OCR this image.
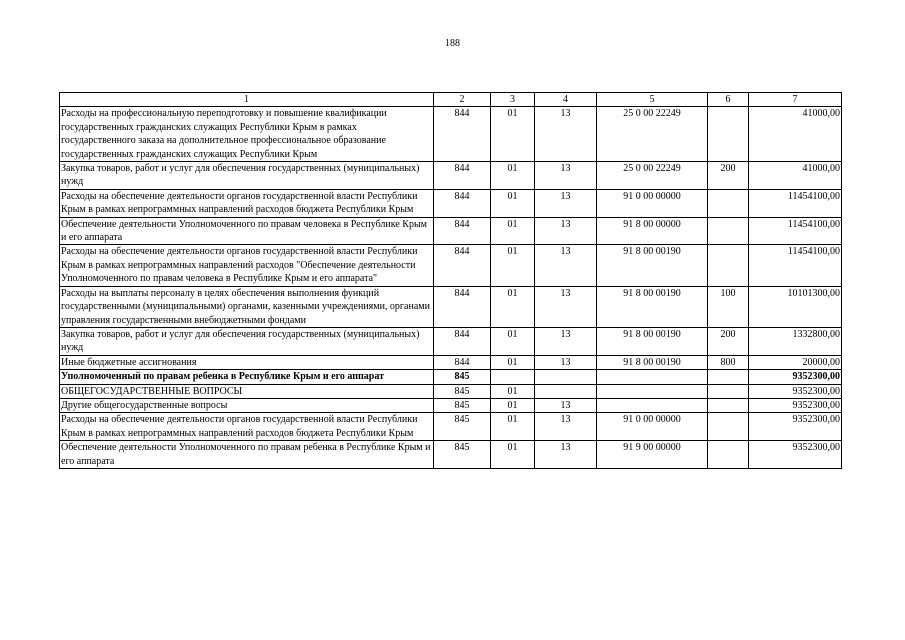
188
1	2	3	4	5	6	7
Расходы на профессиональную переподготовку и повышение квалификации государственных гражданских служащих Республики Крым в рамках государственного заказа на дополнительное профессиональное образование государственных гражданских служащих Республики Крым	844	01	13	25 0 00 22249		41000,00
Закупка товаров, работ и услуг для обеспечения государственных (муниципальных) нужд	844	01	13	25 0 00 22249	200	41000,00
Расходы на обеспечение деятельности органов государственной власти Республики Крым в рамках непрограммных направлений расходов бюджета Республики Крым	844	01	13	91 0 00 00000		11454100,00
Обеспечение деятельности Уполномоченного по правам человека в Республике Крым и его аппарата	844	01	13	91 8 00 00000		11454100,00
Расходы на обеспечение деятельности органов государственной власти Республики Крым в рамках непрограммных направлений расходов "Обеспечение деятельности Уполномоченного по правам человека в Республике Крым и его аппарата"	844	01	13	91 8 00 00190		11454100,00
Расходы на выплаты персоналу в целях обеспечения выполнения функций государственными (муниципальными) органами, казенными учреждениями, органами управления государственными внебюджетными фондами	844	01	13	91 8 00 00190	100	10101300,00
Закупка товаров, работ и услуг для обеспечения государственных (муниципальных) нужд	844	01	13	91 8 00 00190	200	1332800,00
Иные бюджетные ассигнования	844	01	13	91 8 00 00190	800	20000,00
Уполномоченный по правам ребенка в Республике Крым и его аппарат	845					9352300,00
ОБЩЕГОСУДАРСТВЕННЫЕ ВОПРОСЫ	845	01				9352300,00
Другие общегосударственные вопросы	845	01	13			9352300,00
Расходы на обеспечение деятельности органов государственной власти Республики Крым в рамках непрограммных направлений расходов бюджета Республики Крым	845	01	13	91 0 00 00000		9352300,00
Обеспечение деятельности Уполномоченного по правам ребенка в Республике Крым и его аппарата	845	01	13	91 9 00 00000		9352300,00
